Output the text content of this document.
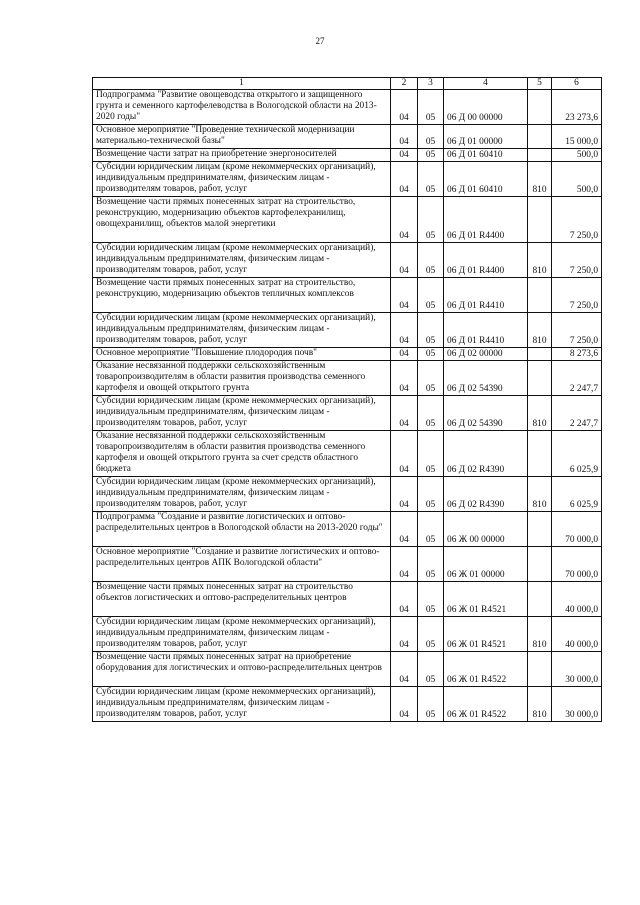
27
1	2	3	4	5	6
Подпрограмма "Развитие овощеводства открытого и защищенного грунта и семенного картофелеводства в Вологодской области на 2013-2020 годы"	04	05	06 Д 00 00000		23 273,6
Основное мероприятие "Проведение технической модернизации материально-технической базы"	04	05	06 Д 01 00000		15 000,0
Возмещение части затрат на приобретение энергоносителей	04	05	06 Д 01 60410		500,0
Субсидии юридическим лицам (кроме некоммерческих организаций), индивидуальным предпринимателям, физическим лицам - производителям товаров, работ, услуг	04	05	06 Д 01 60410	810	500,0
Возмещение части прямых понесенных затрат на строительство, реконструкцию, модернизацию объектов картофелехранилищ, овощехранилищ, объектов малой энергетики	04	05	06 Д 01 R4400		7 250,0
Субсидии юридическим лицам (кроме некоммерческих организаций), индивидуальным предпринимателям, физическим лицам - производителям товаров, работ, услуг	04	05	06 Д 01 R4400	810	7 250,0
Возмещение части прямых понесенных затрат на строительство, реконструкцию, модернизацию объектов тепличных комплексов	04	05	06 Д 01 R4410		7 250,0
Субсидии юридическим лицам (кроме некоммерческих организаций), индивидуальным предпринимателям, физическим лицам - производителям товаров, работ, услуг	04	05	06 Д 01 R4410	810	7 250,0
Основное мероприятие "Повышение плодородия почв"	04	05	06 Д 02 00000		8 273,6
Оказание несвязанной поддержки сельскохозяйственным товаропроизводителям в области развития производства семенного картофеля и овощей открытого грунта	04	05	06 Д 02 54390		2 247,7
Субсидии юридическим лицам (кроме некоммерческих организаций), индивидуальным предпринимателям, физическим лицам - производителям товаров, работ, услуг	04	05	06 Д 02 54390	810	2 247,7
Оказание несвязанной поддержки сельскохозяйственным товаропроизводителям в области развития производства семенного картофеля и овощей открытого грунта за счет средств областного бюджета	04	05	06 Д 02 R4390		6 025,9
Субсидии юридическим лицам (кроме некоммерческих организаций), индивидуальным предпринимателям, физическим лицам - производителям товаров, работ, услуг	04	05	06 Д 02 R4390	810	6 025,9
Подпрограмма "Создание и развитие логистических и оптово-распределительных центров в Вологодской области на 2013-2020 годы"	04	05	06 Ж 00 00000		70 000,0
Основное мероприятие "Создание и развитие логистических и оптово-распределительных центров АПК Вологодской области"	04	05	06 Ж 01 00000		70 000,0
Возмещение части прямых понесенных затрат на строительство объектов логистических и оптово-распределительных центров	04	05	06 Ж 01 R4521		40 000,0
Субсидии юридическим лицам (кроме некоммерческих организаций), индивидуальным предпринимателям, физическим лицам - производителям товаров, работ, услуг	04	05	06 Ж 01 R4521	810	40 000,0
Возмещение части прямых понесенных затрат на приобретение оборудования для логистических и оптово-распределительных центров	04	05	06 Ж 01 R4522		30 000,0
Субсидии юридическим лицам (кроме некоммерческих организаций), индивидуальным предпринимателям, физическим лицам - производителям товаров, работ, услуг	04	05	06 Ж 01 R4522	810	30 000,0
